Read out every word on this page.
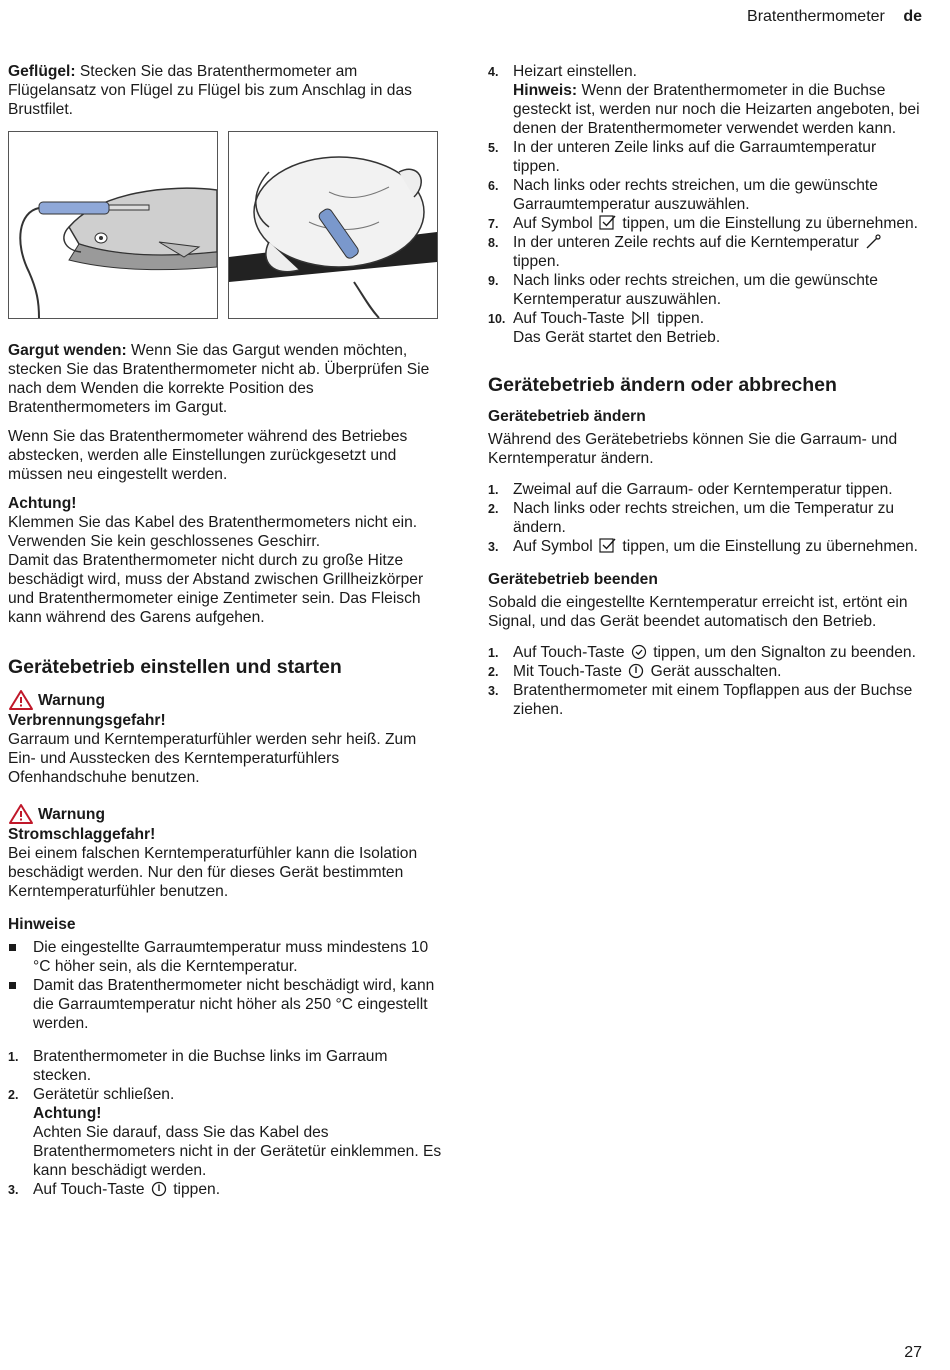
Bratenthermometer de

Geflügel: Stecken Sie das Bratenthermometer am Flügelansatz von Flügel zu Flügel bis zum Anschlag in das Brustfilet.

Gargut wenden: Wenn Sie das Gargut wenden möchten, stecken Sie das Bratenthermometer nicht ab. Überprüfen Sie nach dem Wenden die korrekte Position des Bratenthermometers im Gargut.

Wenn Sie das Bratenthermometer während des Betriebes abstecken, werden alle Einstellungen zurückgesetzt und müssen neu eingestellt werden.

Achtung!
Klemmen Sie das Kabel des Bratenthermometers nicht ein.
Verwenden Sie kein geschlossenes Geschirr.
Damit das Bratenthermometer nicht durch zu große Hitze beschädigt wird, muss der Abstand zwischen Grillheizkörper und Bratenthermometer einige Zentimeter sein. Das Fleisch kann während des Garens aufgehen.
Gerätebetrieb einstellen und starten
Warnung
Verbrennungsgefahr!
Garraum und Kerntemperaturfühler werden sehr heiß. Zum Ein- und Ausstecken des Kerntemperaturfühlers Ofenhandschuhe benutzen.
Warnung
Stromschlaggefahr!
Bei einem falschen Kerntemperaturfühler kann die Isolation beschädigt werden. Nur den für dieses Gerät bestimmten Kerntemperaturfühler benutzen.
Hinweise
Die eingestellte Garraumtemperatur muss mindestens 10 °C höher sein, als die Kerntemperatur.
Damit das Bratenthermometer nicht beschädigt wird, kann die Garraumtemperatur nicht höher als 250 °C eingestellt werden.
1. Bratenthermometer in die Buchse links im Garraum stecken.
2. Gerätetür schließen.
Achtung!
Achten Sie darauf, dass Sie das Kabel des Bratenthermometers nicht in der Gerätetür einklemmen. Es kann beschädigt werden.
3. Auf Touch-Taste  tippen.
4. Heizart einstellen.
Hinweis: Wenn der Bratenthermometer in die Buchse gesteckt ist, werden nur noch die Heizarten angeboten, bei denen der Bratenthermometer verwendet werden kann.
5. In der unteren Zeile links auf die Garraumtemperatur tippen.
6. Nach links oder rechts streichen, um die gewünschte Garraumtemperatur auszuwählen.
7. Auf Symbol  tippen, um die Einstellung zu übernehmen.
8. In der unteren Zeile rechts auf die Kerntemperatur  tippen.
9. Nach links oder rechts streichen, um die gewünschte Kerntemperatur auszuwählen.
10. Auf Touch-Taste  tippen.
Das Gerät startet den Betrieb.
Gerätebetrieb ändern oder abbrechen
Gerätebetrieb ändern

Während des Gerätebetriebs können Sie die Garraum- und Kerntemperatur ändern.

1. Zweimal auf die Garraum- oder Kerntemperatur tippen.
2. Nach links oder rechts streichen, um die Temperatur zu ändern.
3. Auf Symbol  tippen, um die Einstellung zu übernehmen.
Gerätebetrieb beenden

Sobald die eingestellte Kerntemperatur erreicht ist, ertönt ein Signal, und das Gerät beendet automatisch den Betrieb.

1. Auf Touch-Taste  tippen, um den Signalton zu beenden.
2. Mit Touch-Taste  Gerät ausschalten.
3. Bratenthermometer mit einem Topflappen aus der Buchse ziehen.
27
